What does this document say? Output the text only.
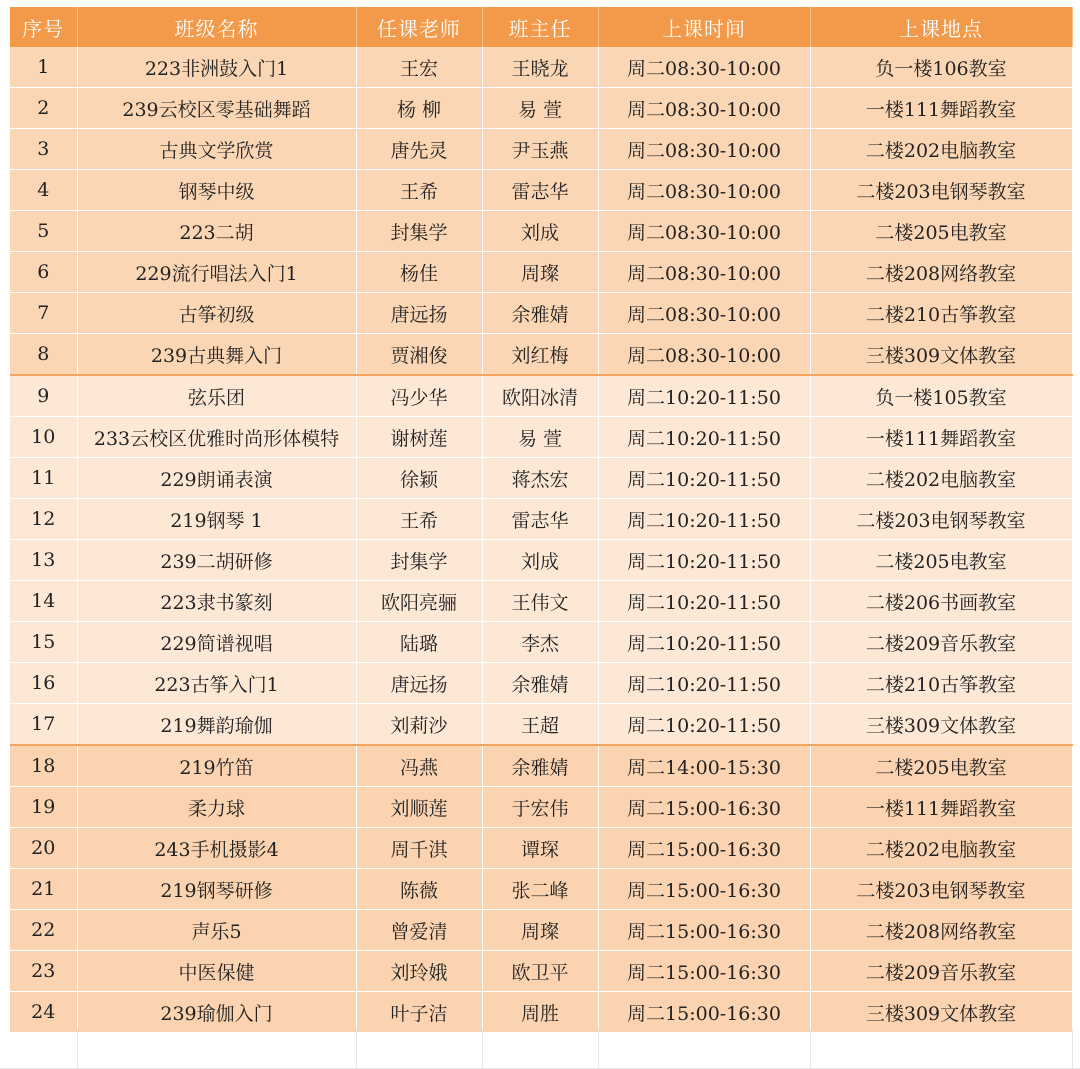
序号	班级名称	任课老师	班主任	上课时间	上课地点
1	223非洲鼓入门1	王宏	王晓龙	周二08:30-10:00	负一楼106教室
2	239云校区零基础舞蹈	杨 柳	易 萱	周二08:30-10:00	一楼111舞蹈教室
3	古典文学欣赏	唐先灵	尹玉燕	周二08:30-10:00	二楼202电脑教室
4	钢琴中级	王希	雷志华	周二08:30-10:00	二楼203电钢琴教室
5	223二胡	封集学	刘成	周二08:30-10:00	二楼205电教室
6	229流行唱法入门1	杨佳	周璨	周二08:30-10:00	二楼208网络教室
7	古筝初级	唐远扬	余雅婧	周二08:30-10:00	二楼210古筝教室
8	239古典舞入门	贾湘俊	刘红梅	周二08:30-10:00	三楼309文体教室
9	弦乐团	冯少华	欧阳冰清	周二10:20-11:50	负一楼105教室
10	233云校区优雅时尚形体模特	谢树莲	易 萱	周二10:20-11:50	一楼111舞蹈教室
11	229朗诵表演	徐颖	蒋杰宏	周二10:20-11:50	二楼202电脑教室
12	219钢琴 1	王希	雷志华	周二10:20-11:50	二楼203电钢琴教室
13	239二胡研修	封集学	刘成	周二10:20-11:50	二楼205电教室
14	223隶书篆刻	欧阳亮骊	王伟文	周二10:20-11:50	二楼206书画教室
15	229简谱视唱	陆璐	李杰	周二10:20-11:50	二楼209音乐教室
16	223古筝入门1	唐远扬	余雅婧	周二10:20-11:50	二楼210古筝教室
17	219舞韵瑜伽	刘莉沙	王超	周二10:20-11:50	三楼309文体教室
18	219竹笛	冯燕	余雅婧	周二14:00-15:30	二楼205电教室
19	柔力球	刘顺莲	于宏伟	周二15:00-16:30	一楼111舞蹈教室
20	243手机摄影4	周千淇	谭琛	周二15:00-16:30	二楼202电脑教室
21	219钢琴研修	陈薇	张二峰	周二15:00-16:30	二楼203电钢琴教室
22	声乐5	曾爱清	周璨	周二15:00-16:30	二楼208网络教室
23	中医保健	刘玲娥	欧卫平	周二15:00-16:30	二楼209音乐教室
24	239瑜伽入门	叶子洁	周胜	周二15:00-16:30	三楼309文体教室
